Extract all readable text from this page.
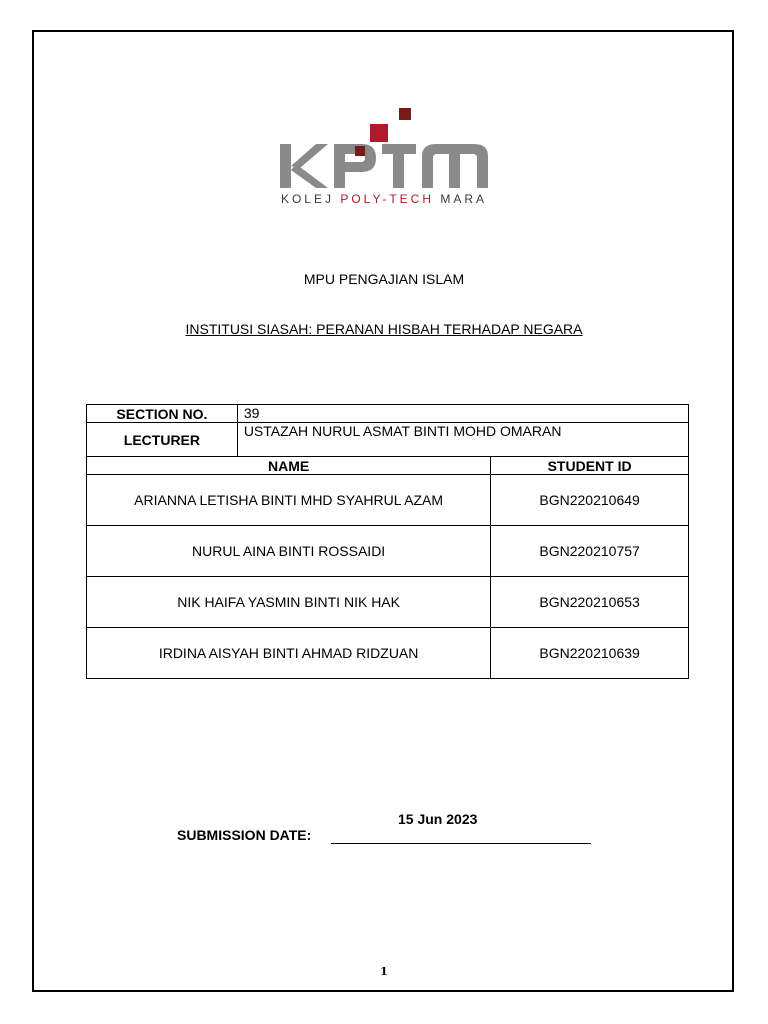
KOLEJ POLY-TECH MARA
MPU PENGAJIAN ISLAM
INSTITUSI SIASAH: PERANAN HISBAH TERHADAP NEGARA
SECTION NO.	39	
LECTURER	USTAZAH NURUL ASMAT BINTI MOHD OMARAN	
NAME		STUDENT ID
ARIANNA LETISHA BINTI MHD SYAHRUL AZAM		BGN220210649
NURUL AINA BINTI ROSSAIDI		BGN220210757
NIK HAIFA YASMIN BINTI NIK HAK		BGN220210653
IRDINA AISYAH BINTI AHMAD RIDZUAN		BGN220210639
15 Jun 2023
SUBMISSION DATE:
1
